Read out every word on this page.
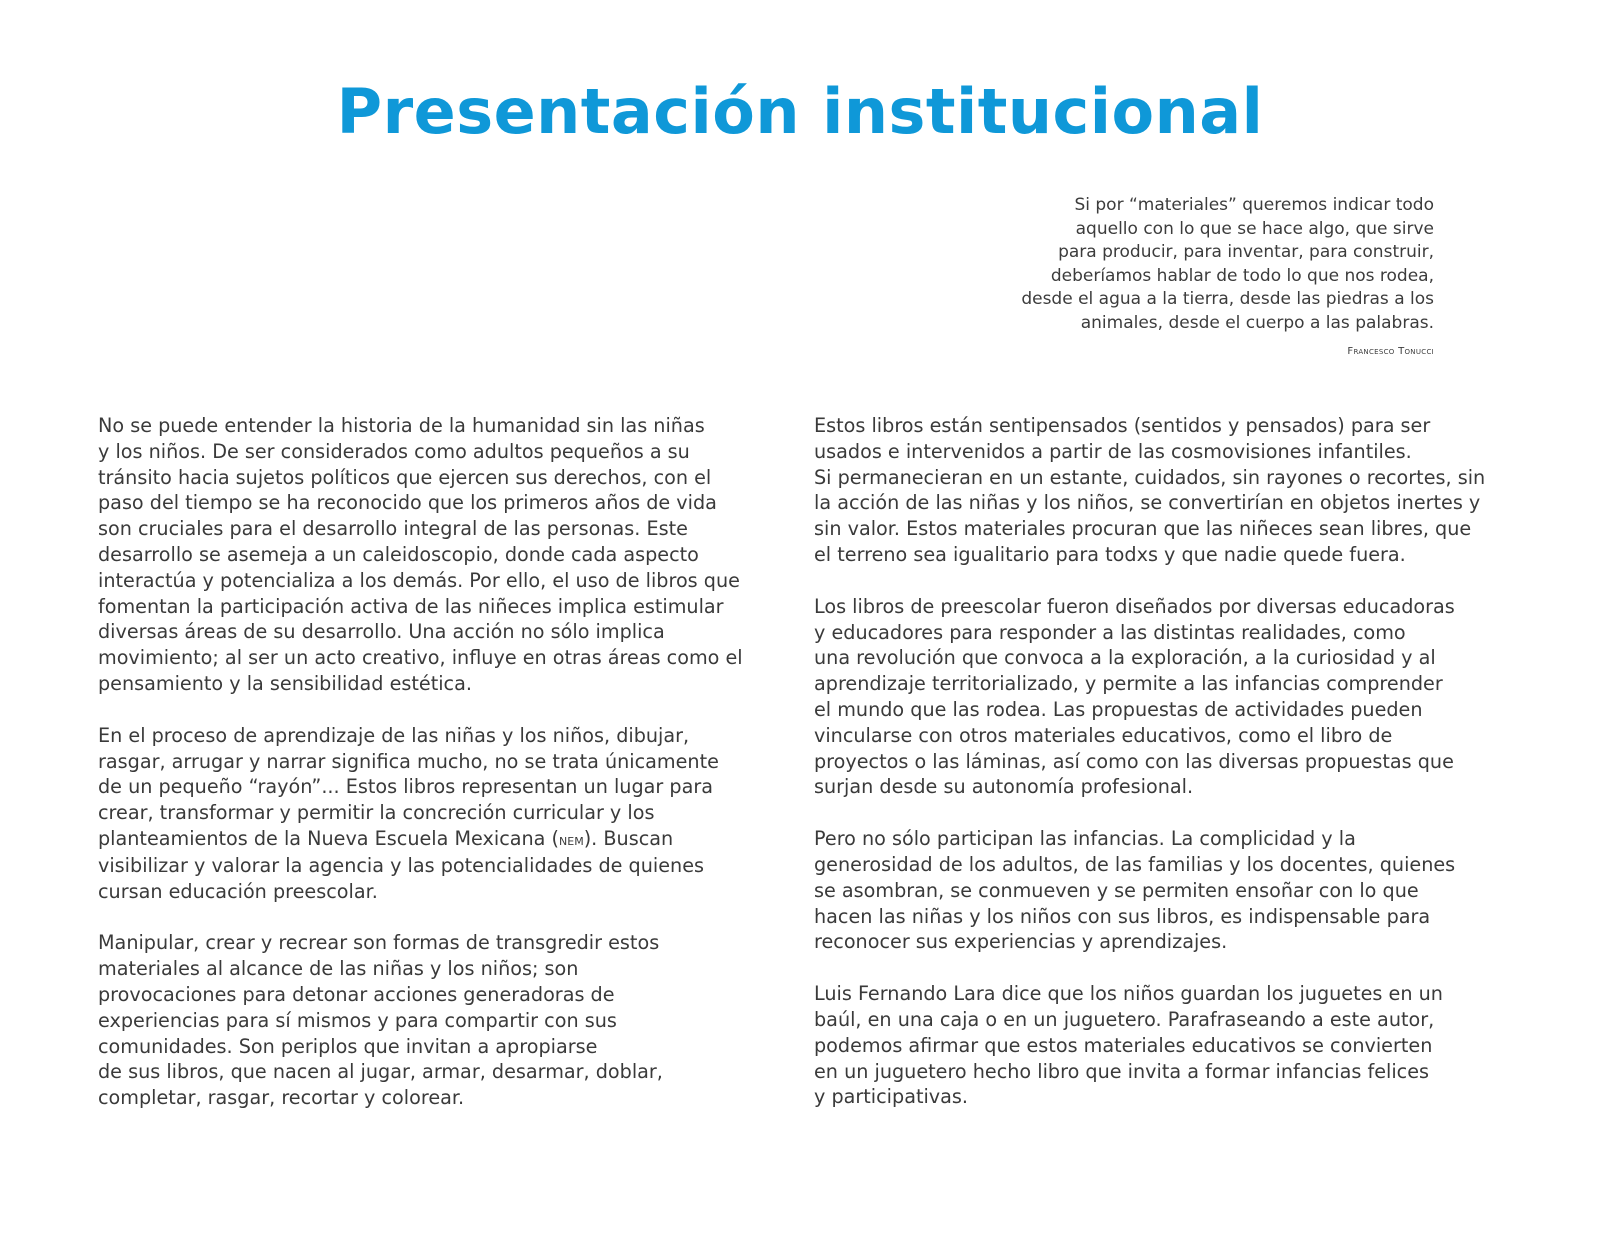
Presentación institucional
Si por “materiales” queremos indicar todo
aquello con lo que se hace algo, que sirve
para producir, para inventar, para construir,
deberíamos hablar de todo lo que nos rodea,
desde el agua a la tierra, desde las piedras a los
animales, desde el cuerpo a las palabras.
Francesco Tonucci
No se puede entender la historia de la humanidad sin las niñas
y los niños. De ser considerados como adultos pequeños a su
tránsito hacia sujetos políticos que ejercen sus derechos, con el
paso del tiempo se ha reconocido que los primeros años de vida
son cruciales para el desarrollo integral de las personas. Este
desarrollo se asemeja a un caleidoscopio, donde cada aspecto
interactúa y potencializa a los demás. Por ello, el uso de libros que
fomentan la participación activa de las niñeces implica estimular
diversas áreas de su desarrollo. Una acción no sólo implica
movimiento; al ser un acto creativo, influye en otras áreas como el
pensamiento y la sensibilidad estética.
En el proceso de aprendizaje de las niñas y los niños, dibujar,
rasgar, arrugar y narrar significa mucho, no se trata únicamente
de un pequeño “rayón”... Estos libros representan un lugar para
crear, transformar y permitir la concreción curricular y los
planteamientos de la Nueva Escuela Mexicana (nem). Buscan
visibilizar y valorar la agencia y las potencialidades de quienes
cursan educación preescolar.
Manipular, crear y recrear son formas de transgredir estos
materiales al alcance de las niñas y los niños; son
provocaciones para detonar acciones generadoras de
experiencias para sí mismos y para compartir con sus
comunidades. Son periplos que invitan a apropiarse
de sus libros, que nacen al jugar, armar, desarmar, doblar,
completar, rasgar, recortar y colorear.
Estos libros están sentipensados (sentidos y pensados) para ser
usados e intervenidos a partir de las cosmovisiones infantiles.
Si permanecieran en un estante, cuidados, sin rayones o recortes, sin
la acción de las niñas y los niños, se convertirían en objetos inertes y
sin valor. Estos materiales procuran que las niñeces sean libres, que
el terreno sea igualitario para todxs y que nadie quede fuera.
Los libros de preescolar fueron diseñados por diversas educadoras
y educadores para responder a las distintas realidades, como
una revolución que convoca a la exploración, a la curiosidad y al
aprendizaje territorializado, y permite a las infancias comprender
el mundo que las rodea. Las propuestas de actividades pueden
vincularse con otros materiales educativos, como el libro de
proyectos o las láminas, así como con las diversas propuestas que
surjan desde su autonomía profesional.
Pero no sólo participan las infancias. La complicidad y la
generosidad de los adultos, de las familias y los docentes, quienes
se asombran, se conmueven y se permiten ensoñar con lo que
hacen las niñas y los niños con sus libros, es indispensable para
reconocer sus experiencias y aprendizajes.
Luis Fernando Lara dice que los niños guardan los juguetes en un
baúl, en una caja o en un juguetero. Parafraseando a este autor,
podemos afirmar que estos materiales educativos se convierten
en un juguetero hecho libro que invita a formar infancias felices
y participativas.
